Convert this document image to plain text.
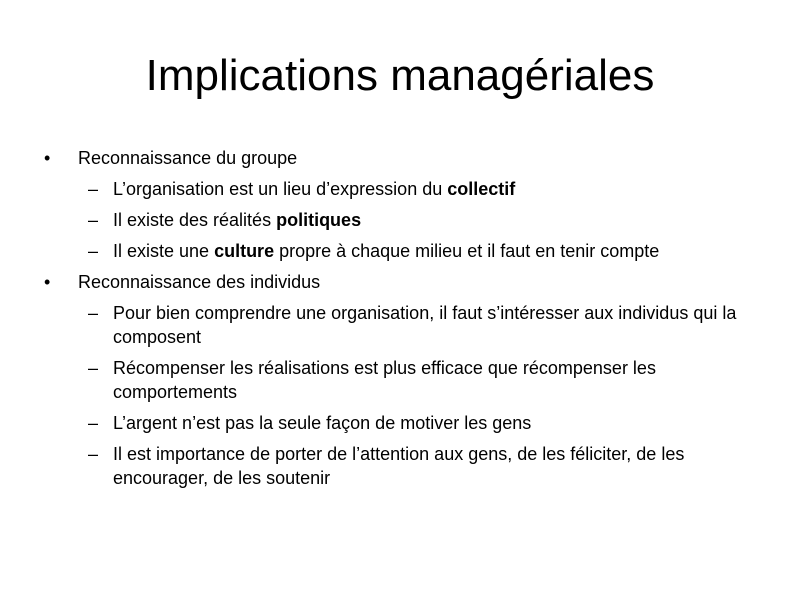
Implications managériales
• Reconnaissance du groupe
– L’organisation est un lieu d’expression du collectif
– Il existe des réalités politiques
– Il existe une culture propre à chaque milieu et il faut en tenir compte
• Reconnaissance des individus
– Pour bien comprendre une organisation, il faut s’intéresser aux individus qui la composent
– Récompenser les réalisations est plus efficace que récompenser les comportements
– L’argent n’est pas la seule façon de motiver les gens
– Il est importance de porter de l’attention aux gens, de les féliciter, de les encourager, de les soutenir
